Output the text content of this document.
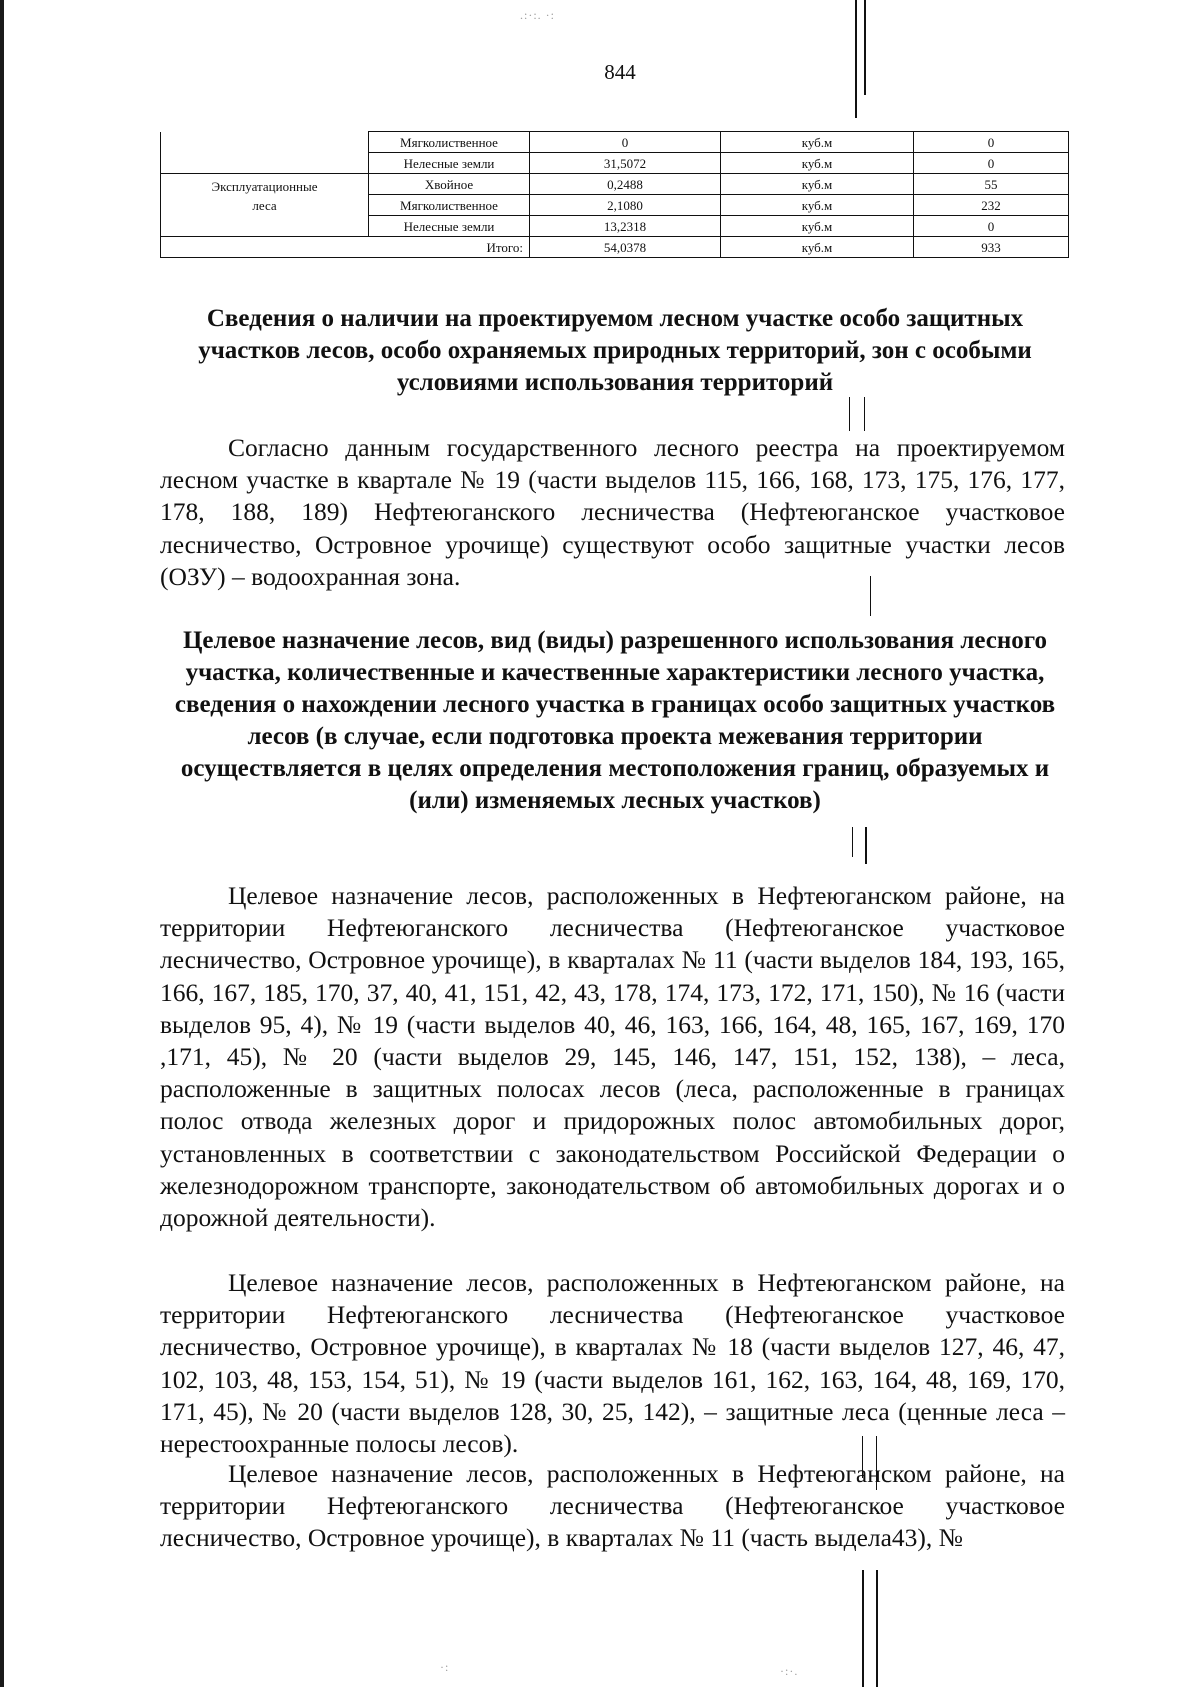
.:·:. ·:
·:	·:·.
844
	Мягколиственное	0	куб.м	0
	Нелесные земли	31,5072	куб.м	0
Эксплуатационные
леса	Хвойное	0,2488	куб.м	55
	Мягколиственное	2,1080	куб.м	232
	Нелесные земли	13,2318	куб.м	0
Итого:		54,0378	куб.м	933
Сведения о наличии на проектируемом лесном участке особо защитных участков лесов, особо охраняемых природных территорий, зон с особыми условиями использования территорий

Согласно данным государственного лесного реестра на проектируемом лесном участке в квартале № 19 (части выделов 115, 166, 168, 173, 175, 176, 177, 178, 188, 189) Нефтеюганского лесничества (Нефтеюганское участковое лесничество, Островное урочище) существуют особо защитные участки лесов (ОЗУ) – водоохранная зона.

Целевое назначение лесов, вид (виды) разрешенного использования лесного участка, количественные и качественные характеристики лесного участка, сведения о нахождении лесного участка в границах особо защитных участков лесов (в случае, если подготовка проекта межевания территории осуществляется в целях определения местоположения границ, образуемых и (или) изменяемых лесных участков)

Целевое назначение лесов, расположенных в Нефтеюганском районе, на территории Нефтеюганского лесничества (Нефтеюганское участковое лесничество, Островное урочище), в кварталах № 11 (части выделов 184, 193, 165, 166, 167, 185, 170, 37, 40, 41, 151, 42, 43, 178, 174, 173, 172, 171, 150), № 16 (части выделов 95, 4), № 19 (части выделов 40, 46, 163, 166, 164, 48, 165, 167, 169, 170 ,171, 45), № 20 (части выделов 29, 145, 146, 147, 151, 152, 138), – леса, расположенные в защитных полосах лесов (леса, расположенные в границах полос отвода железных дорог и придорожных полос автомобильных дорог, установленных в соответствии с законодательством Российской Федерации о железнодорожном транспорте, законодательством об автомобильных дорогах и о дорожной деятельности).

Целевое назначение лесов, расположенных в Нефтеюганском районе, на территории Нефтеюганского лесничества (Нефтеюганское участковое лесничество, Островное урочище), в кварталах № 18 (части выделов 127, 46, 47, 102, 103, 48, 153, 154, 51), № 19 (части выделов 161, 162, 163, 164, 48, 169, 170, 171, 45), № 20 (части выделов 128, 30, 25, 142), – защитные леса (ценные леса – нерестоохранные полосы лесов).

Целевое назначение лесов, расположенных в Нефтеюганском районе, на территории Нефтеюганского лесничества (Нефтеюганское участковое лесничество, Островное урочище), в кварталах № 11 (часть выдела43), №
